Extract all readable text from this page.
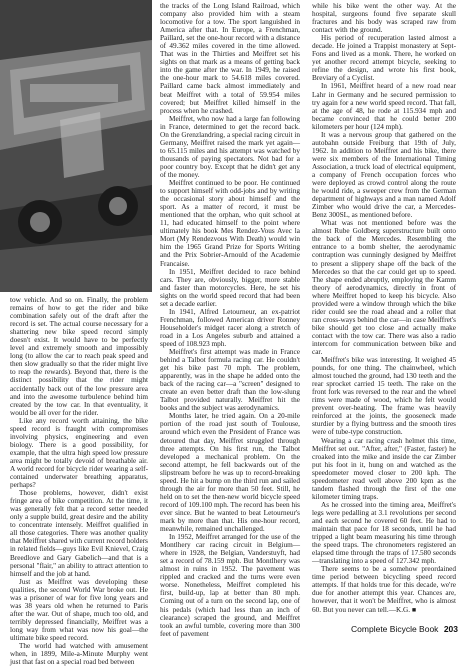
tow vehicle. And so on. Finally, the problem remains of how to get the rider and bike combination safely out of the draft after the record is set. The actual course necessary for a shattering new bike speed record simply doesn't exist. It would have to be perfectly level and extremely smooth and impossibly long (to allow the car to reach peak speed and then slow gradually so that the rider might live to reap the rewards). Beyond that, there is the distinct possibility that the rider might accidentally back out of the low pressure area and into the awesome turbulence behind him created by the tow car. In that eventuality, it would be all over for the rider.

Like any record worth attaining, the bike speed record is fraught with compromises involving physics, engineering and even biology. There is a good possibility, for example, that the ultra high speed low pressure area might be totally devoid of breathable air. A world record for bicycle rider wearing a self-contained underwater breathing apparatus, perhaps?

Those problems, however, didn't exist fringe area of bike competition. At the time, it was generally felt that a record setter needed only a supple build, great desire and the ability to concentrate intensely. Meiffret qualified in all those categories. There was another quality that Meiffret shared with current record holders in related fields—guys like Evil Knievel, Craig Breedlove and Gary Gabelich—and that is a personal "flair," an ability to attract attention to himself and the job at hand.

Just as Meiffret was developing these qualities, the second World War broke out. He was a prisoner of war for five long years and was 38 years old when he returned to Paris after the war. Out of shape, much too old, and terribly depressed financially, Meiffret was a long way from what was now his goal—the ultimate bike speed record.

The world had watched with amusement when, in 1899, Mile-a-Minute Murphy went just that fast on a special road bed between

the tracks of the Long Island Railroad, which company also provided him with a steam locomotive for a tow. The sport languished in America after that. In Europe, a Frenchman, Paillard, set the one-hour record with a distance of 49.362 miles covered in the time allowed. That was in the Thirties and Meiffret set his sights on that mark as a means of getting back into the game after the war. In 1949, he raised the one-hour mark to 54.618 miles covered. Paillard came back almost immediately and beat Meiffret with a total of 59.954 miles covered; but Meiffret killed himself in the process when he crashed.

Meiffret, who now had a large fan following in France, determined to get the record back. On the Grenzlandring, a special racing circuit in Germany, Meiffret raised the mark yet again—to 65.115 miles and his attempt was watched by thousands of paying spectators. Not bad for a poor country boy. Except that he didn't get any of the money.

Meiffret continued to be poor. He continued to support himself with odd-jobs and by writing the occasional story about himself and the sport. As a matter of record, it must be mentioned that the orphan, who quit school at 11, had educated himself to the point where ultimately his book Mes Rendez-Vous Avec la Mort (My Rendezvous With Death) would win him the 1965 Grand Prize for Sports Writing and the Prix Sobrier-Arnould of the Academie Francaise.

In 1951, Meiffret decided to race behind cars. They are, obviously, bigger, more stable and faster than motorcycles. Here, he set his sights on the world speed record that had been set a decade earlier.

In 1941, Alfred Letourneur, an ex-patriot Frenchman, followed American driver Ronney Householder's midget racer along a stretch of road in a Los Angeles suburb and attained a speed of 108.923 mph.

Meiffret's first attempt was made in France behind a Talbot formula racing car. He couldn't get his bike past 70 mph. The problem, apparently, was in the shape he added onto the back of the racing car—a "screen" designed to create an even better draft than the low-slung Talbot provided naturally. Meiffret hit the books and the subject was aerodynamics.

Months later, he tried again. On a 20-mile portion of the road just south of Toulouse, around which even the President of France was detoured that day, Meiffret struggled through three attempts. On his first run, the Talbot developed a mechanical problem. On the second attempt, he fell backwards out of the slipstream before he was up to record-breaking speed. He hit a bump on the third run and sailed through the air for more than 50 feet. Still, he held on to set the then-new world bicycle speed record of 109.100 mph. The record has been his ever since. But he wanted to beat Letourneur's mark by more than that. His one-hour record, meanwhile, remained unchallenged.

In 1952, Meiffret arranged for the use of the Montlhery car racing circuit in Belgium—where in 1928, the Belgian, Vanderstuyft, had set a record of 78.159 mph. But Montlhery was almost in ruins in 1952. The pavement was rippled and cracked and the turns were even worse. Nonetheless, Meiffret completed his first, build-up, lap at better than 80 mph. Coming out of a turn on the second lap, one of his pedals (which had less than an inch of clearance) scraped the ground, and Meiffret took an awful tumble, covering more than 300 feet of pavement

while his bike went the other way. At the hospital, surgeons found five separate skull fractures and his body was scraped raw from contact with the ground.

His period of recuperation lasted almost a decade. He joined a Trappist monastery at Sept-Fons and lived as a monk. There, he worked on yet another record attempt bicycle, seeking to refine the design, and wrote his first book, Breviary of a Cyclist.

In 1961, Meiffret heard of a new road near Lahr in Germany and he secured permission to try again for a new world speed record. That fall, at the age of 48, he rode at 115.934 mph and became convinced that he could better 200 kilometers per hour (124 mph).

It was a nervous group that gathered on the autobahn outside Freiburg that 19th of July, 1962. In addition to Meiffret and his bike, there were six members of the International Timing Association, a truck load of electrical equipment, a company of French occupation forces who were deployed as crowd control along the route he would ride, a sweeper crew from the German department of highways and a man named Adolf Zimber who would drive the car, a Mercedes-Benz 300SL, as mentioned before.

What was not mentioned before was the almost Rube Goldberg superstructure built onto the back of the Mercedes. Resembling the entrance to a bomb shelter, the aerodynamic contraption was cunningly designed by Meiffret to present a slippery shape off the back of the Mercedes so that the car could get up to speed. The shape ended abruptly, employing the Kamm theory of aerodynamics, directly in front of where Meiffret hoped to keep his bicycle. Also provided were a window through which the bike rider could see the road ahead and a roller that ran cross-ways behind the car—in case Meiffret's bike should get too close and actually make contact with the tow car. There was also a radio intercom for communication between bike and car.

Meiffret's bike was interesting. It weighed 45 pounds, for one thing. The chainwheel, which almost touched the ground, had 130 teeth and the rear sprocket carried 15 teeth. The rake on the front fork was reversed to the rear and the wheel rims were made of wood, which he felt would prevent over-heating. The frame was heavily reinforced at the joints, the gooseneck made sturdier by a flying buttress and the smooth tires were of tube-type construction.

Wearing a car racing crash helmet this time, Meiffret set out. "After, after," (Faster, faster) he croaked into the mike and inside the car Zimber put his foot in it, hung on and watched as the speedometer moved closer to 200 kph. The speedometer read well above 200 kpm as the tandem flashed through the first of the one kilometer timing traps.

As he crossed into the timing area, Meiffret's legs were pedalling at 3.1 revolutions per second and each second he covered 60 feet. He had to maintain that pace for 18 seconds, until he had tripped a light beam measuring his time through the speed traps. The chronometers registered an elapsed time through the traps of 17.580 seconds—translating into a speed of 127.342 mph.

There seems to be a somehow preordained time period between bicycling speed record attempts. If that holds true for this decade, we're due for another attempt this year. Chances are, however, that it won't be Meiffret, who is almost 60. But you never can tell.—K.G. ■

Complete Bicycle Book 203
